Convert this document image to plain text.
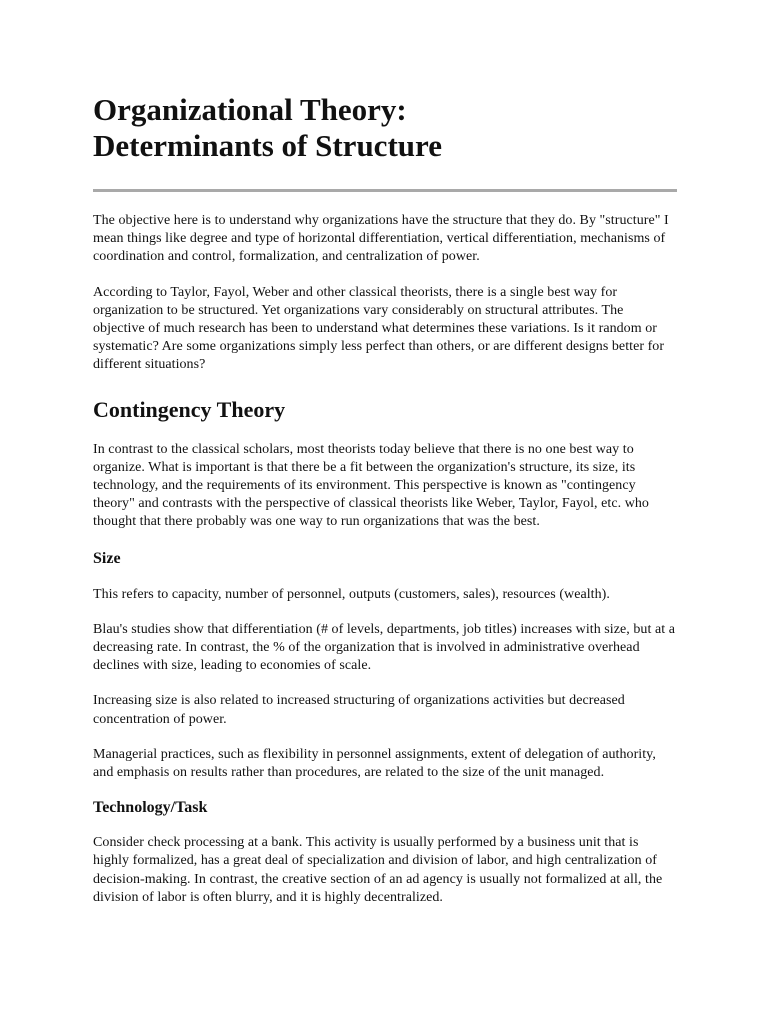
Organizational Theory:
Determinants of Structure

The objective here is to understand why organizations have the structure that they do. By "structure" I mean things like degree and type of horizontal differentiation, vertical differentiation, mechanisms of coordination and control, formalization, and centralization of power.

According to Taylor, Fayol, Weber and other classical theorists, there is a single best way for organization to be structured. Yet organizations vary considerably on structural attributes. The objective of much research has been to understand what determines these variations. Is it random or systematic? Are some organizations simply less perfect than others, or are different designs better for different situations?

Contingency Theory

In contrast to the classical scholars, most theorists today believe that there is no one best way to organize. What is important is that there be a fit between the organization's structure, its size, its technology, and the requirements of its environment. This perspective is known as "contingency theory" and contrasts with the perspective of classical theorists like Weber, Taylor, Fayol, etc. who thought that there probably was one way to run organizations that was the best.

Size

This refers to capacity, number of personnel, outputs (customers, sales), resources (wealth).

Blau's studies show that differentiation (# of levels, departments, job titles) increases with size, but at a decreasing rate. In contrast, the % of the organization that is involved in administrative overhead declines with size, leading to economies of scale.

Increasing size is also related to increased structuring of organizations activities but decreased concentration of power.

Managerial practices, such as flexibility in personnel assignments, extent of delegation of authority, and emphasis on results rather than procedures, are related to the size of the unit managed.

Technology/Task

Consider check processing at a bank. This activity is usually performed by a business unit that is highly formalized, has a great deal of specialization and division of labor, and high centralization of decision-making. In contrast, the creative section of an ad agency is usually not formalized at all, the division of labor is often blurry, and it is highly decentralized.
